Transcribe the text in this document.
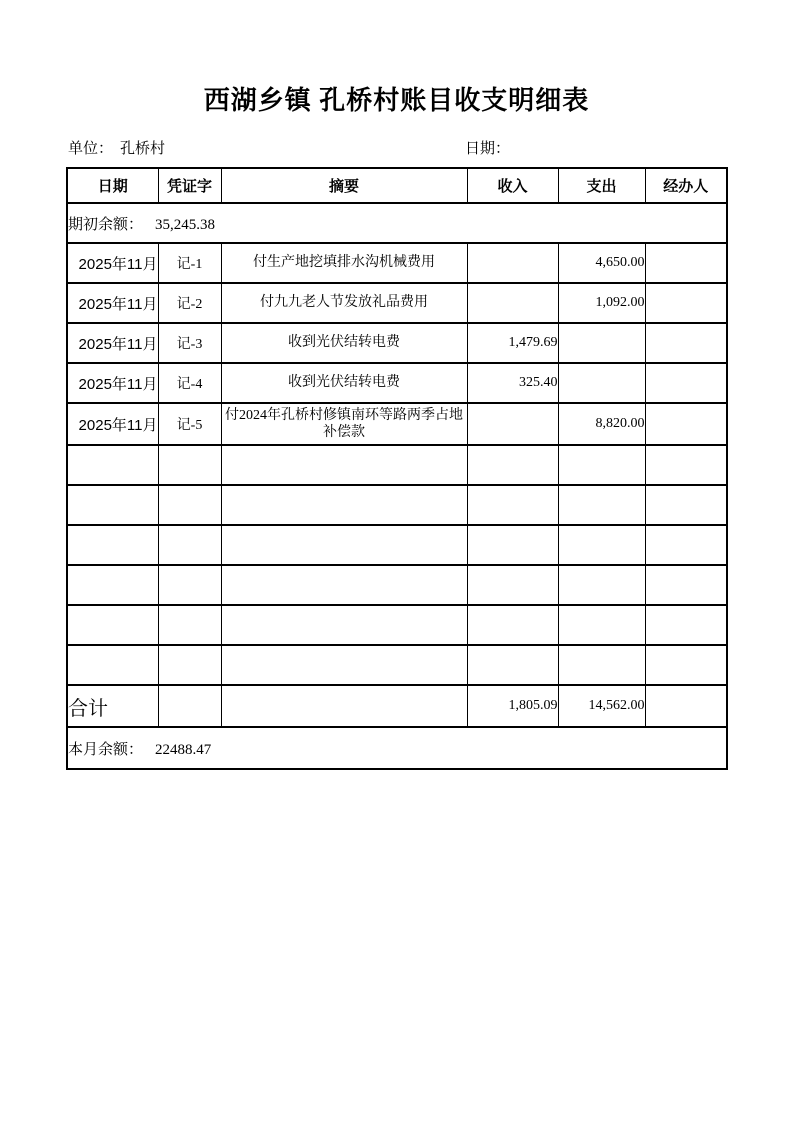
西湖乡镇 孔桥村账目收支明细表
单位： 孔桥村	日期：
日期	凭证字	摘要	收入	支出	经办人
期初余额： 35,245.38					
2025年11月	记-1	付生产地挖填排水沟机械费用		4,650.00	
2025年11月	记-2	付九九老人节发放礼品费用		1,092.00	
2025年11月	记-3	收到光伏结转电费	1,479.69		
2025年11月	记-4	收到光伏结转电费	325.40		
2025年11月	记-5	付2024年孔桥村修镇南环等路两季占地补偿款		8,820.00	

合计			1,805.09	14,562.00	
本月余额： 22488.47					
